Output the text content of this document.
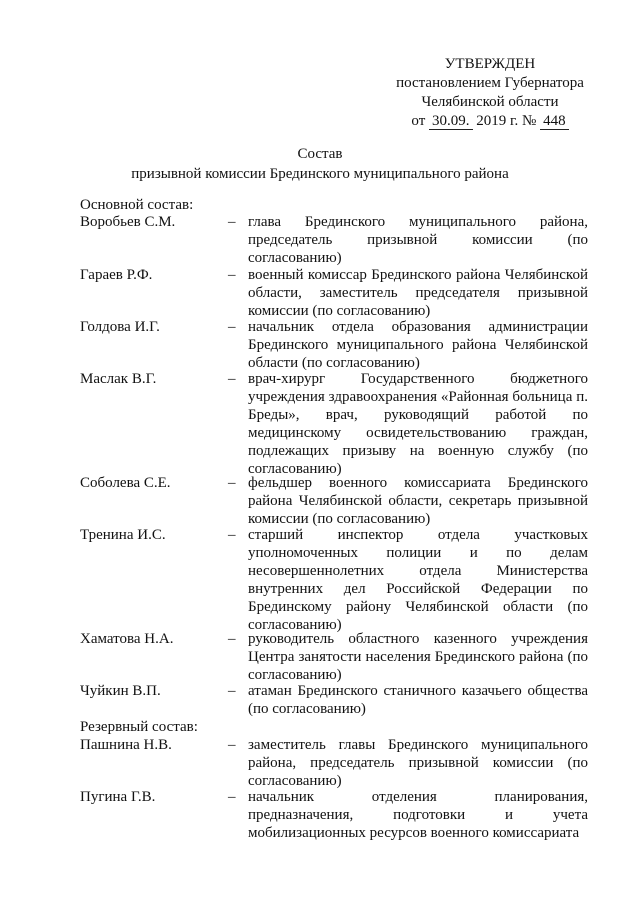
УТВЕРЖДЕН
постановлением Губернатора
Челябинской области
от 30.09. 2019 г. № 448
Состав
призывной комиссии Брединского муниципального района
Основной состав:
Воробьев С.М.	– глава Брединского муниципального района, председатель призывной комиссии (по согласованию)
Гараев Р.Ф.	– военный комиссар Брединского района Челябинской области, заместитель председателя призывной комиссии (по согласованию)
Голдова И.Г.	– начальник отдела образования администрации Брединского муниципального района Челябинской области (по согласованию)
Маслак В.Г.	– врач-хирург Государственного бюджетного учреждения здравоохранения «Районная больница п. Бреды», врач, руководящий работой по медицинскому освидетельствованию граждан, подлежащих призыву на военную службу (по согласованию)
Соболева С.Е.	– фельдшер военного комиссариата Брединского района Челябинской области, секретарь призывной комиссии (по согласованию)
Тренина И.С.	– старший инспектор отдела участковых уполномоченных полиции и по делам несовершеннолетних отдела Министерства внутренних дел Российской Федерации по Брединскому району Челябинской области (по согласованию)
Хаматова Н.А.	– руководитель областного казенного учреждения Центра занятости населения Брединского района (по согласованию)
Чуйкин В.П.	– атаман Брединского станичного казачьего общества (по согласованию)
Резервный состав:
Пашнина Н.В.	– заместитель главы Брединского муниципального района, председатель призывной комиссии (по согласованию)
Пугина Г.В.	– начальник отделения планирования, предназначения, подготовки и учета мобилизационных ресурсов военного комиссариата
